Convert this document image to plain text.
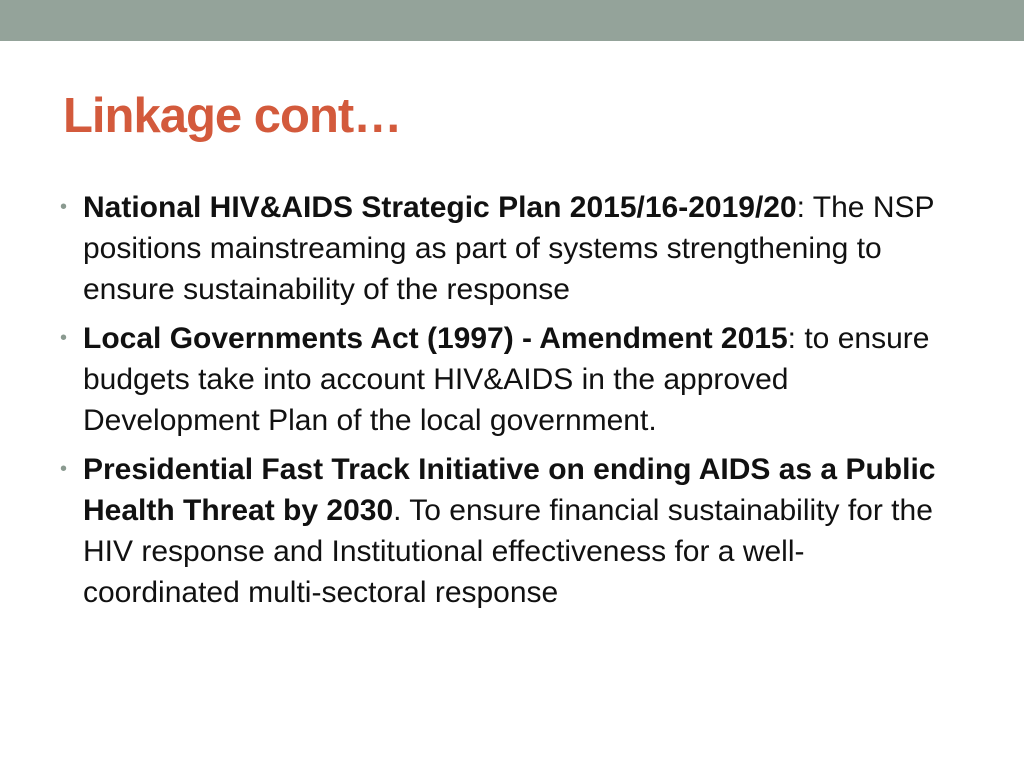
Linkage cont…
• National HIV&AIDS Strategic Plan 2015/16-2019/20: The NSP positions mainstreaming as part of systems strengthening to ensure sustainability of the response
• Local Governments Act (1997) - Amendment 2015: to ensure budgets take into account HIV&AIDS in the approved Development Plan of the local government.
• Presidential Fast Track Initiative on ending AIDS as a Public Health Threat by 2030. To ensure financial sustainability for the HIV response and Institutional effectiveness for a well-coordinated multi-sectoral response
